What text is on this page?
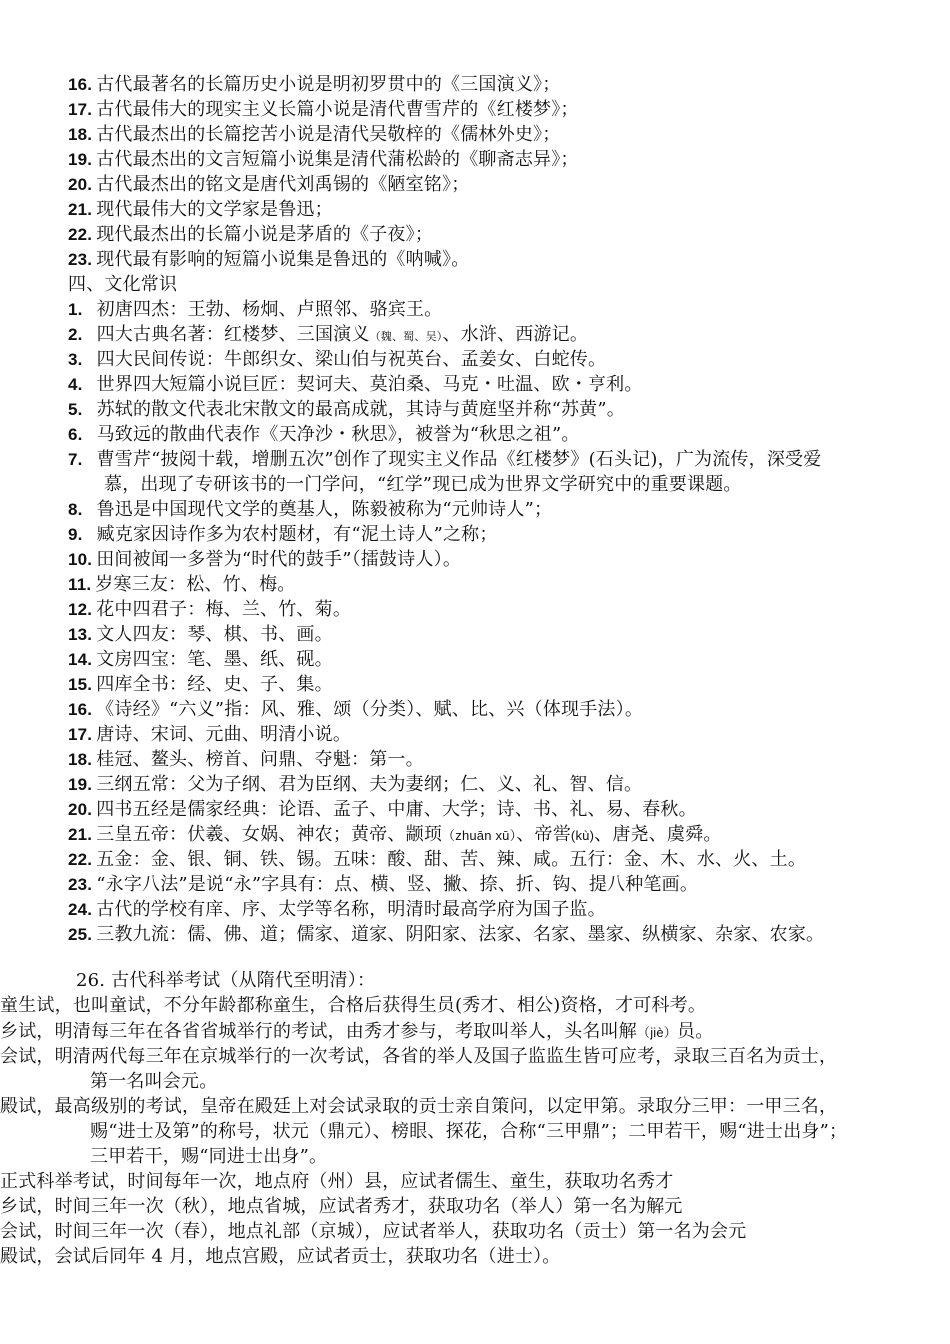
16. 古代最著名的长篇历史小说是明初罗贯中的《三国演义》；
17. 古代最伟大的现实主义长篇小说是清代曹雪芹的《红楼梦》；
18. 古代最杰出的长篇挖苦小说是清代吴敬梓的《儒林外史》；
19. 古代最杰出的文言短篇小说集是清代蒲松龄的《聊斋志异》；
20. 古代最杰出的铭文是唐代刘禹锡的《陋室铭》；
21. 现代最伟大的文学家是鲁迅；
22. 现代最杰出的长篇小说是茅盾的《子夜》；
23. 现代最有影响的短篇小说集是鲁迅的《呐喊》。
四、文化常识
1. 初唐四杰：王勃、杨炯、卢照邻、骆宾王。
2. 四大古典名著：红楼梦、三国演义（魏、蜀、吴）、水浒、西游记。
3. 四大民间传说：牛郎织女、梁山伯与祝英台、孟姜女、白蛇传。
4. 世界四大短篇小说巨匠：契诃夫、莫泊桑、马克・吐温、欧・亨利。
5. 苏轼的散文代表北宋散文的最高成就，其诗与黄庭坚并称“苏黄”。
6. 马致远的散曲代表作《天净沙・秋思》，被誉为“秋思之祖”。
7. 曹雪芹“披阅十载，增删五次”创作了现实主义作品《红楼梦》(石头记)，广为流传，深受爱
慕，出现了专研该书的一门学问，“红学”现已成为世界文学研究中的重要课题。
8. 鲁迅是中国现代文学的奠基人，陈毅被称为“元帅诗人”；
9. 臧克家因诗作多为农村题材，有“泥土诗人”之称；
10. 田间被闻一多誉为“时代的鼓手”（擂鼓诗人）。
11. 岁寒三友：松、竹、梅。
12. 花中四君子：梅、兰、竹、菊。
13. 文人四友：琴、棋、书、画。
14. 文房四宝：笔、墨、纸、砚。
15. 四库全书：经、史、子、集。
16. 《诗经》“六义”指：风、雅、颂（分类）、赋、比、兴（体现手法）。
17. 唐诗、宋词、元曲、明清小说。
18. 桂冠、鳌头、榜首、问鼎、夺魁：第一。
19. 三纲五常：父为子纲、君为臣纲、夫为妻纲；仁、义、礼、智、信。
20. 四书五经是儒家经典：论语、孟子、中庸、大学；诗、书、礼、易、春秋。
21. 三皇五帝：伏羲、女娲、神农；黄帝、颛顼（zhuān xū）、帝喾(kù)、唐尧、虞舜。
22. 五金：金、银、铜、铁、锡。五味：酸、甜、苦、辣、咸。五行：金、木、水、火、土。
23. “永字八法”是说“永”字具有：点、横、竖、撇、捺、折、钩、提八种笔画。
24. 古代的学校有庠、序、太学等名称，明清时最高学府为国子监。
25. 三教九流：儒、佛、道；儒家、道家、阴阳家、法家、名家、墨家、纵横家、杂家、农家。
26. 古代科举考试（从隋代至明清）：
童生试，也叫童试，不分年龄都称童生，合格后获得生员(秀才、相公)资格，才可科考。
乡试，明清每三年在各省省城举行的考试，由秀才参与，考取叫举人，头名叫解（jiè）员。
会试，明清两代每三年在京城举行的一次考试，各省的举人及国子监监生皆可应考，录取三百名为贡士，
第一名叫会元。
殿试，最高级别的考试，皇帝在殿廷上对会试录取的贡士亲自策问，以定甲第。录取分三甲：一甲三名，
赐“进士及第”的称号，状元（鼎元）、榜眼、探花，合称“三甲鼎”；二甲若干，赐“进士出身”；
三甲若干，赐“同进士出身”。
正式科举考试，时间每年一次，地点府（州）县，应试者儒生、童生，获取功名秀才
乡试，时间三年一次（秋），地点省城，应试者秀才，获取功名（举人）第一名为解元
会试，时间三年一次（春），地点礼部（京城），应试者举人，获取功名（贡士）第一名为会元
殿试，会试后同年 4 月，地点宫殿，应试者贡士，获取功名（进士）。
